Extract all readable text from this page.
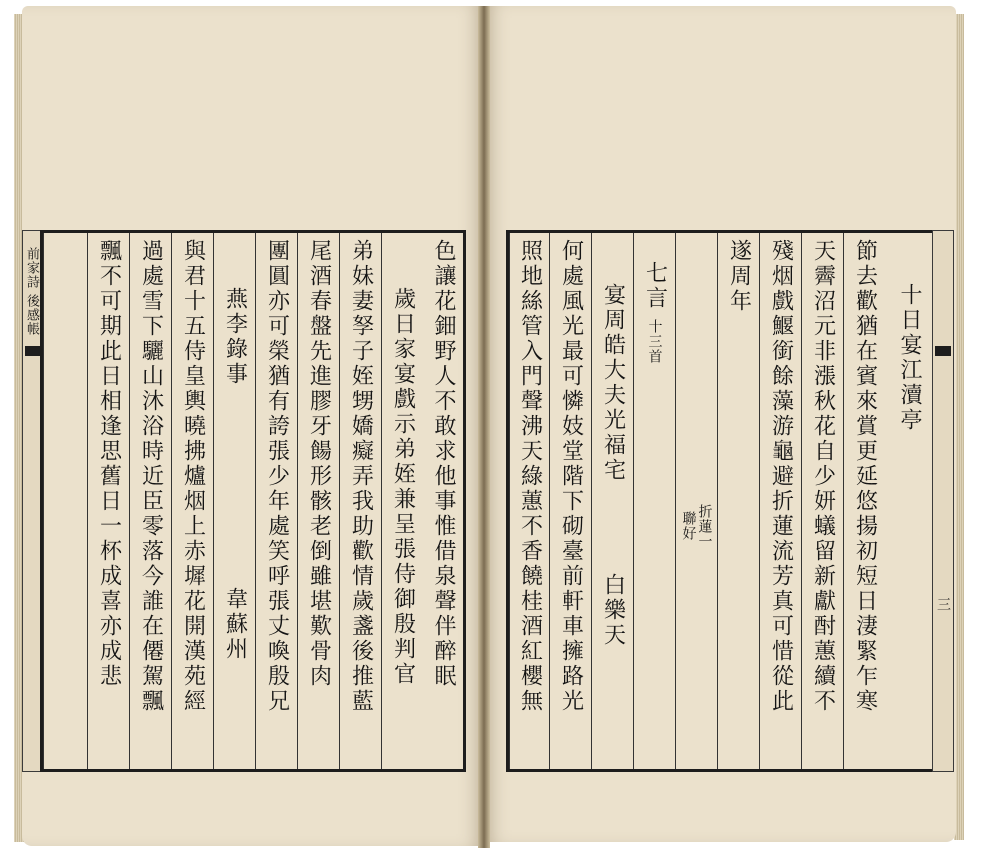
前家詩 後感帳	色讓花鈿野人不敢求他事惟借泉聲伴醉眠
歲日家宴戲示弟姪兼呈張侍御殷判官
弟妹妻孥子姪甥嬌癡弄我助歡情歲盞後推藍
尾酒春盤先進膠牙餳形骸老倒雖堪歎骨肉
團圓亦可榮猶有誇張少年處笑呼張丈喚殷兄
燕李錄事
韋蘇州
與君十五侍皇輿曉拂爐烟上赤墀花開漢苑經
過處雪下驪山沐浴時近臣零落今誰在僊駕飄
飄不可期此日相逢思舊日一杯成喜亦成悲	十日宴江瀆亭
節去歡猶在賓來賞更延悠揚初短日淒緊乍寒
天霽沼元非漲秋花自少妍蟻留新獻酎蕙續不
殘烟戲鰋銜餘藻游龜避折蓮流芳真可惜從此
遂周年
聯好 折蓮一
七言
十三首
宴周皓大夫光福宅
白樂天
何處風光最可憐妓堂階下砌臺前軒車擁路光
照地絲管入門聲沸天綠蕙不香饒桂酒紅櫻無	三
